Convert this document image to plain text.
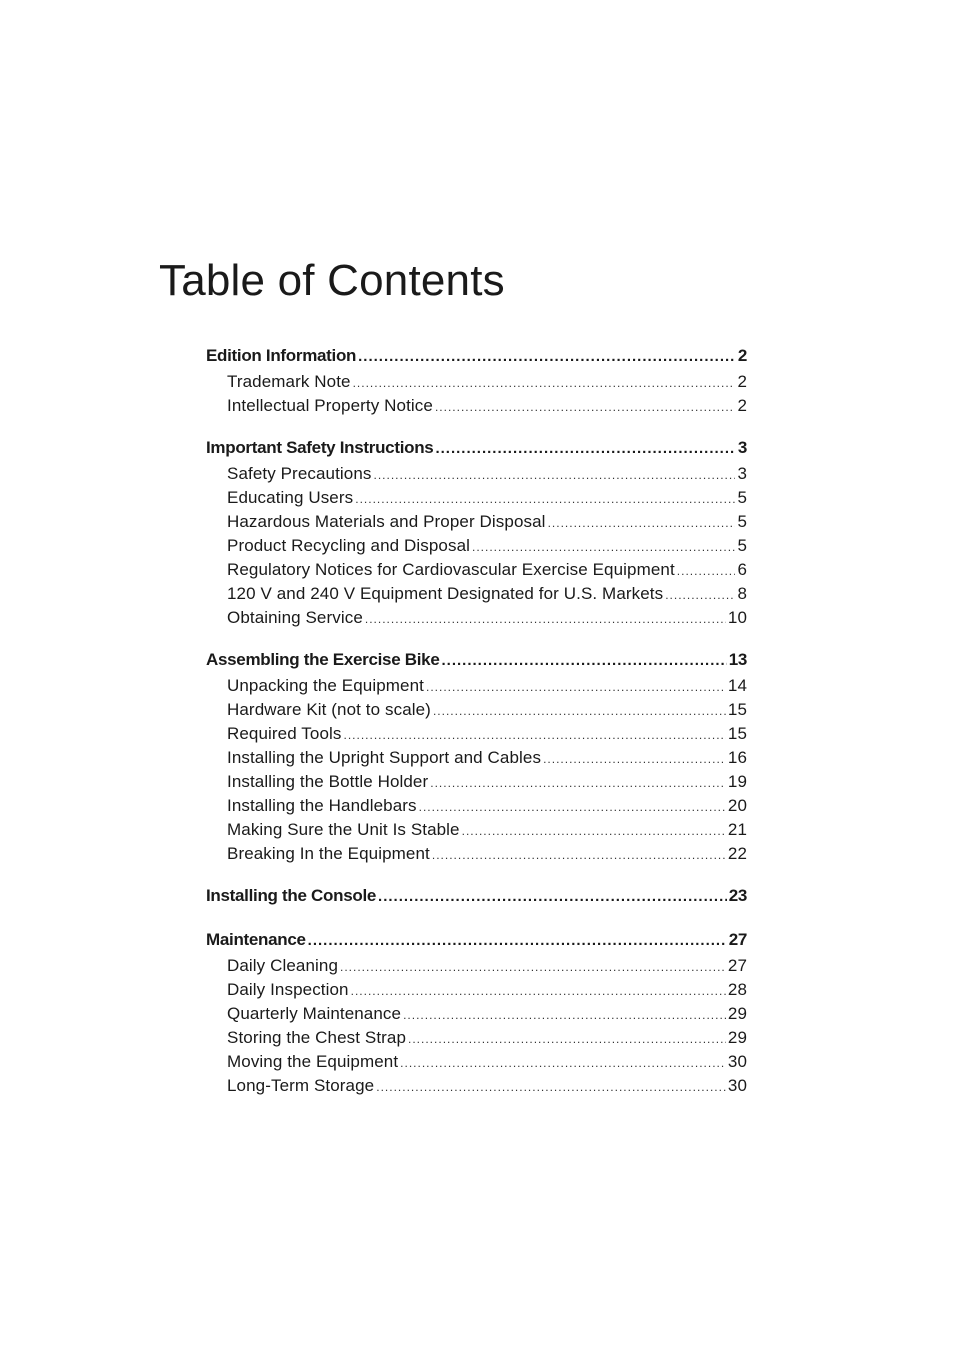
Table of Contents
Edition Information .....	2
Trademark Note .....	2
Intellectual Property Notice .....	2
Important Safety Instructions .....	3
Safety Precautions .....	3
Educating Users .....	5
Hazardous Materials and Proper Disposal .....	5
Product Recycling and Disposal .....	5
Regulatory Notices for Cardiovascular Exercise Equipment .....	6
120 V and 240 V Equipment Designated for U.S. Markets .....	8
Obtaining Service .....	10
Assembling the Exercise Bike .....	13
Unpacking the Equipment .....	14
Hardware Kit (not to scale) .....	15
Required Tools .....	15
Installing the Upright Support and Cables .....	16
Installing the Bottle Holder .....	19
Installing the Handlebars .....	20
Making Sure the Unit Is Stable .....	21
Breaking In the Equipment .....	22
Installing the Console .....	23
Maintenance .....	27
Daily Cleaning .....	27
Daily Inspection .....	28
Quarterly Maintenance .....	29
Storing the Chest Strap .....	29
Moving the Equipment .....	30
Long-Term Storage .....	30
